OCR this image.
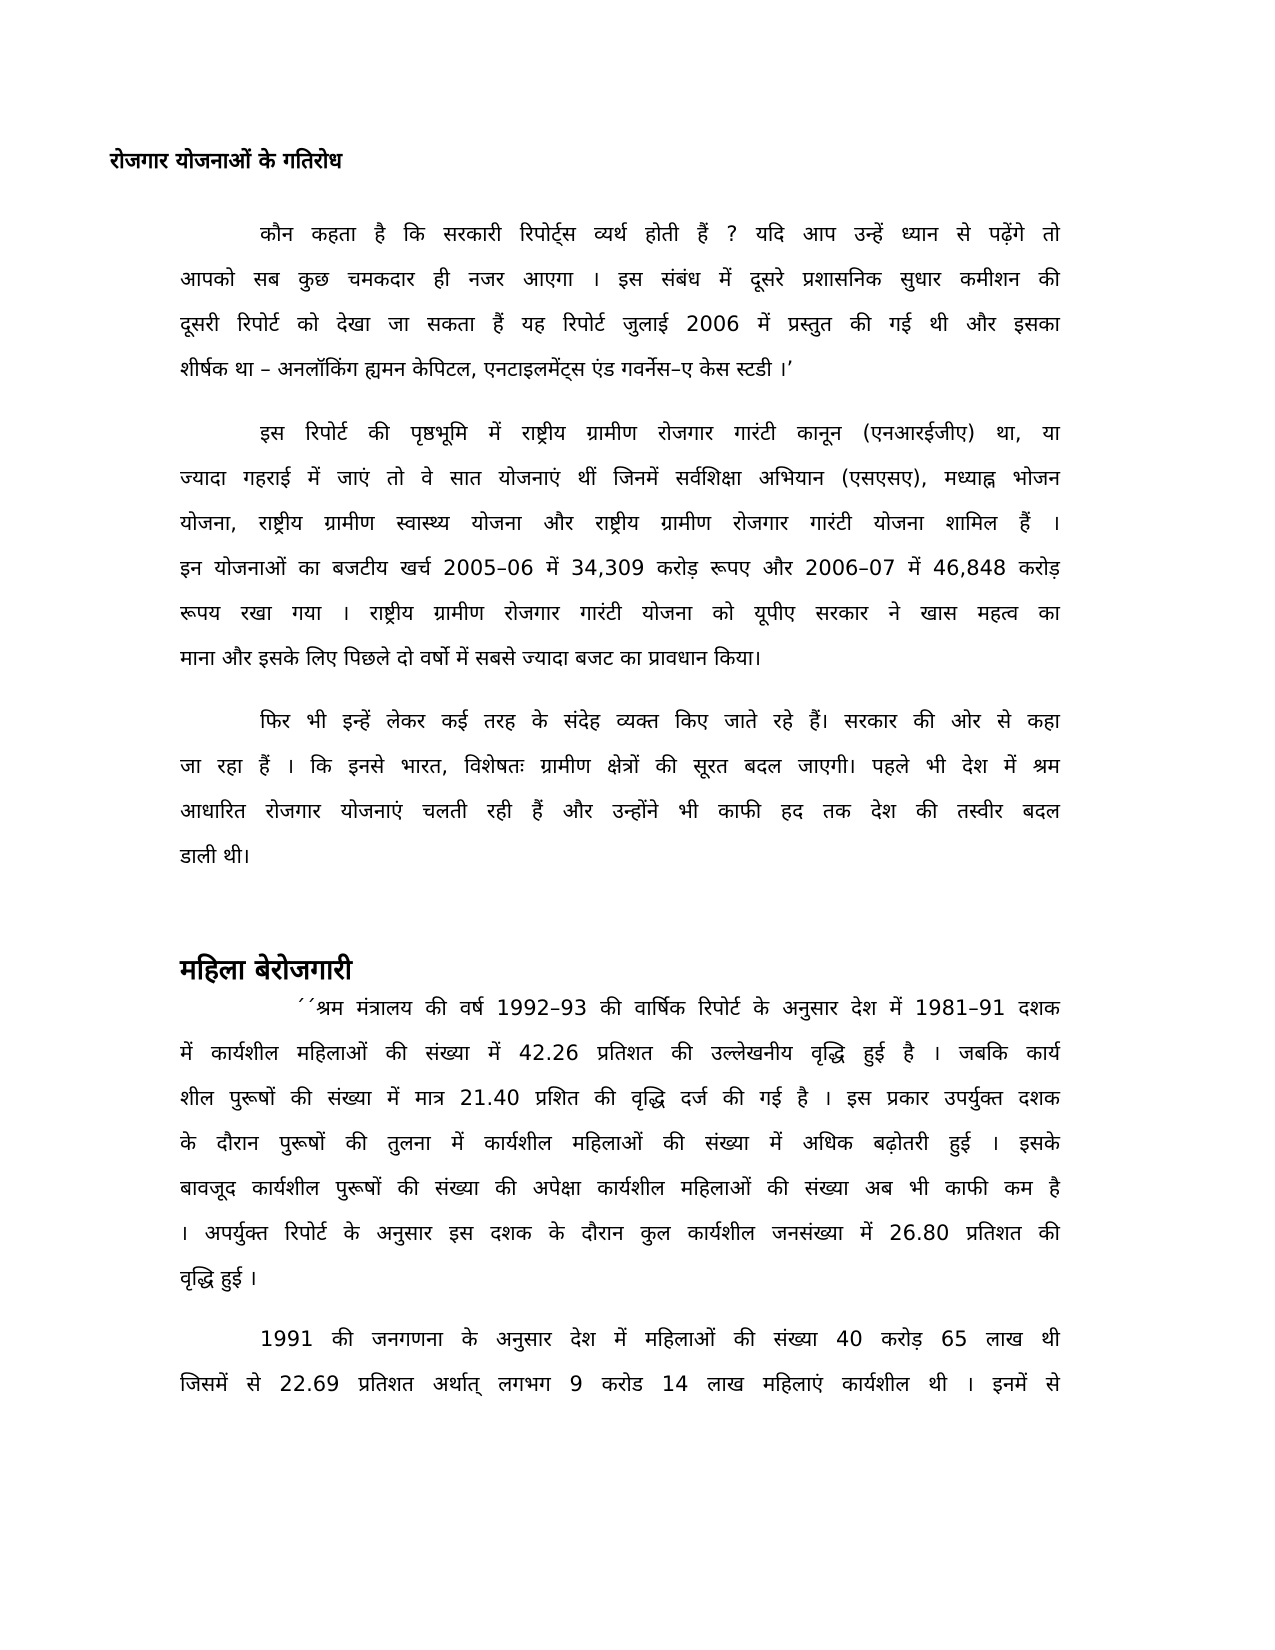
रोजगार योजनाओं के गतिरोध
कौन कहता है कि सरकारी रिपोर्ट्स व्यर्थ होती हैं ? यदि आप उन्हें ध्यान से पढ़ेंगे तो
आपको सब कुछ चमकदार ही नजर आएगा । इस संबंध में दूसरे प्रशासनिक सुधार कमीशन की
दूसरी रिपोर्ट को देखा जा सकता हैं यह रिपोर्ट जुलाई 2006 में प्रस्तुत की गई थी और इसका
शीर्षक था – अनलॉकिंग ह्यमन केपिटल, एनटाइलमेंट्स एंड गवर्नेस–ए केस स्टडी ।’
इस रिपोर्ट की पृष्ठभूमि में राष्ट्रीय ग्रामीण रोजगार गारंटी कानून (एनआरईजीए) था, या
ज्यादा गहराई में जाएं तो वे सात योजनाएं थीं जिनमें सर्वशिक्षा अभियान (एसएसए), मध्याह्न भोजन
योजना, राष्ट्रीय ग्रामीण स्वास्थ्य योजना और राष्ट्रीय ग्रामीण रोजगार गारंटी योजना शामिल हैं ।
इन योजनाओं का बजटीय खर्च 2005–06 में 34,309 करोड़ रूपए और 2006–07 में 46,848 करोड़
रूपय रखा गया । राष्ट्रीय ग्रामीण रोजगार गारंटी योजना को यूपीए सरकार ने खास महत्व का
माना और इसके लिए पिछले दो वर्षो में सबसे ज्यादा बजट का प्रावधान किया।
फिर भी इन्हें लेकर कई तरह के संदेह व्यक्त किए जाते रहे हैं। सरकार की ओर से कहा
जा रहा हैं । कि इनसे भारत, विशेषतः ग्रामीण क्षेत्रों की सूरत बदल जाएगी। पहले भी देश में श्रम
आधारित रोजगार योजनाएं चलती रही हैं और उन्होंने भी काफी हद तक देश की तस्वीर बदल
डाली थी।
महिला बेरोजगारी
´´श्रम मंत्रालय की वर्ष 1992–93 की वार्षिक रिपोर्ट के अनुसार देश में 1981–91 दशक
में कार्यशील महिलाओं की संख्या में 42.26 प्रतिशत की उल्लेखनीय वृद्धि हुई है । जबकि कार्य
शील पुरूषों की संख्या में मात्र 21.40 प्रशित की वृद्धि दर्ज की गई है । इस प्रकार उपर्युक्त दशक
के दौरान पुरूषों की तुलना में कार्यशील महिलाओं की संख्या में अधिक बढ़ोतरी हुई । इसके
बावजूद कार्यशील पुरूषों की संख्या की अपेक्षा कार्यशील महिलाओं की संख्या अब भी काफी कम है
। अपर्युक्त रिपोर्ट के अनुसार इस दशक के दौरान कुल कार्यशील जनसंख्या में 26.80 प्रतिशत की
वृद्धि हुई ।
1991 की जनगणना के अनुसार देश में महिलाओं की संख्या 40 करोड़ 65 लाख थी
जिसमें से 22.69 प्रतिशत अर्थात् लगभग 9 करोड 14 लाख महिलाएं कार्यशील थी । इनमें से
